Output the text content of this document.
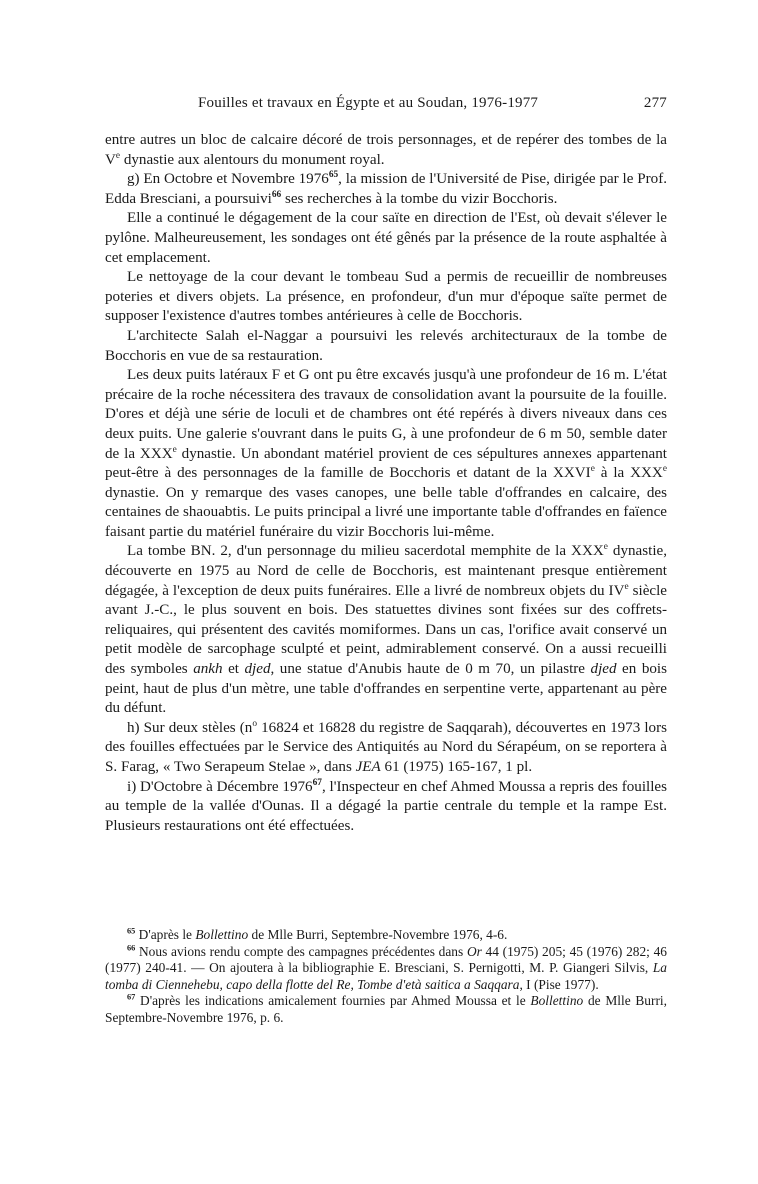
Fouilles et travaux en Égypte et au Soudan, 1976-1977	277

entre autres un bloc de calcaire décoré de trois personnages, et de repérer des tombes de la Ve dynastie aux alentours du monument royal.

g) En Octobre et Novembre 1976$^{65}$, la mission de l'Université de Pise, dirigée par le Prof. Edda Bresciani, a poursuivi$^{66}$ ses recherches à la tombe du vizir Bocchoris.

Elle a continué le dégagement de la cour saïte en direction de l'Est, où devait s'élever le pylône. Malheureusement, les sondages ont été gênés par la présence de la route asphaltée à cet emplacement.

Le nettoyage de la cour devant le tombeau Sud a permis de recueillir de nombreuses poteries et divers objets. La présence, en profondeur, d'un mur d'époque saïte permet de supposer l'existence d'autres tombes antérieures à celle de Bocchoris.

L'architecte Salah el-Naggar a poursuivi les relevés architecturaux de la tombe de Bocchoris en vue de sa restauration.

Les deux puits latéraux F et G ont pu être excavés jusqu'à une profondeur de 16 m. L'état précaire de la roche nécessitera des travaux de consolidation avant la poursuite de la fouille. D'ores et déjà une série de loculi et de chambres ont été repérés à divers niveaux dans ces deux puits. Une galerie s'ouvrant dans le puits G, à une profondeur de 6 m 50, semble dater de la XXXe dynastie. Un abondant matériel provient de ces sépultures annexes appartenant peut-être à des personnages de la famille de Bocchoris et datant de la XXVIe à la XXXe dynastie. On y remarque des vases canopes, une belle table d'offrandes en calcaire, des centaines de shaouabtis. Le puits principal a livré une importante table d'offrandes en faïence faisant partie du matériel funéraire du vizir Bocchoris lui-même.

La tombe BN. 2, d'un personnage du milieu sacerdotal memphite de la XXXe dynastie, découverte en 1975 au Nord de celle de Bocchoris, est maintenant presque entièrement dégagée, à l'exception de deux puits funéraires. Elle a livré de nombreux objets du IVe siècle avant J.-C., le plus souvent en bois. Des statuettes divines sont fixées sur des coffrets-reliquaires, qui présentent des cavités momiformes. Dans un cas, l'orifice avait conservé un petit modèle de sarcophage sculpté et peint, admirablement conservé. On a aussi recueilli des symboles ankh et djed, une statue d'Anubis haute de 0 m 70, un pilastre djed en bois peint, haut de plus d'un mètre, une table d'offrandes en serpentine verte, appartenant au père du défunt.

h) Sur deux stèles ($n^o$ 16824 et 16828 du registre de Saqqarah), découvertes en 1973 lors des fouilles effectuées par le Service des Antiquités au Nord du Sérapéum, on se reportera à S. Farag, « Two Serapeum Stelae », dans JEA 61 (1975) 165-167, 1 pl.

i) D'Octobre à Décembre 1976$^{67}$, l'Inspecteur en chef Ahmed Moussa a repris des fouilles au temple de la vallée d'Ounas. Il a dégagé la partie centrale du temple et la rampe Est. Plusieurs restaurations ont été effectuées.

$^{65}$ D'après le Bollettino de Mlle Burri, Septembre-Novembre 1976, 4-6.

$^{66}$ Nous avions rendu compte des campagnes précédentes dans Or 44 (1975) 205; 45 (1976) 282; 46 (1977) 240-41. — On ajoutera à la bibliographie E. Bresciani, S. Pernigotti, M. P. Giangeri Silvis, La tomba di Ciennehebu, capo della flotte del Re, Tombe d'età saitica a Saqqara, I (Pise 1977).

$^{67}$ D'après les indications amicalement fournies par Ahmed Moussa et le Bollettino de Mlle Burri, Septembre-Novembre 1976, p. 6.
